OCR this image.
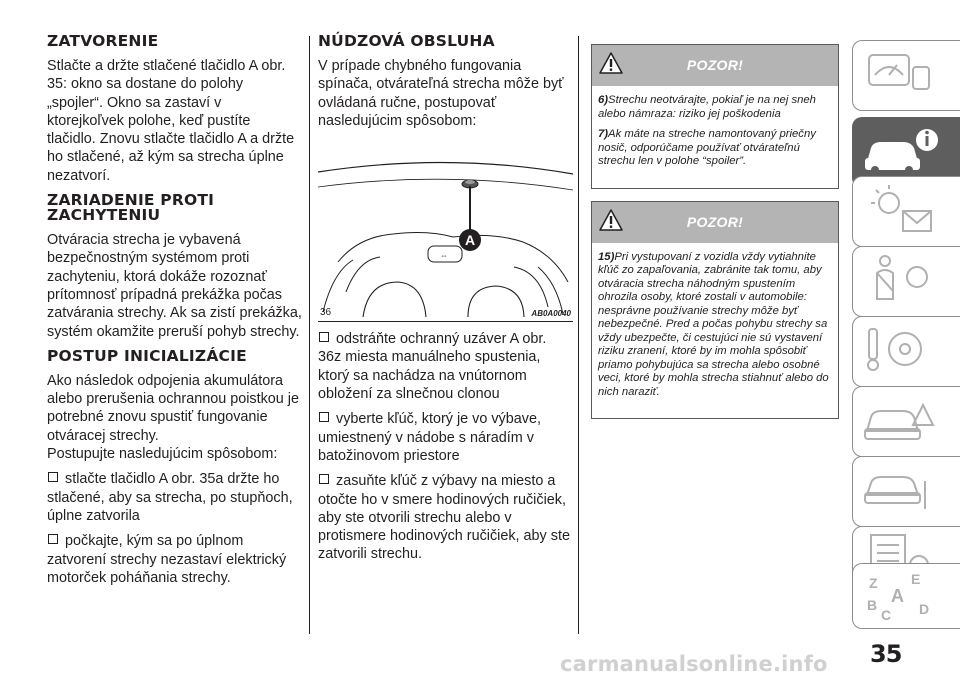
ZATVORENIE

Stlačte a držte stlačené tlačidlo A obr. 35: okno sa dostane do polohy „spojler“. Okno sa zastaví v ktorejkoľvek polohe, keď pustíte tlačidlo. Znovu stlačte tlačidlo A a držte ho stlačené, až kým sa strecha úplne nezatvorí.

ZARIADENIE PROTI
ZACHYTENIU

Otváracia strecha je vybavená bezpečnostným systémom proti zachyteniu, ktorá dokáže rozoznať prítomnosť prípadná prekážka počas zatvárania strechy. Ak sa zistí prekážka, systém okamžite preruší pohyb strechy.

POSTUP INICIALIZÁCIE

Ako následok odpojenia akumulátora alebo prerušenia ochrannou poistkou je potrebné znovu spustiť fungovanie otváracej strechy.

Postupujte nasledujúcim spôsobom:

stlačte tlačidlo A obr. 35a držte ho stlačené, aby sa strecha, po stupňoch, úplne zatvorila
počkajte, kým sa po úplnom zatvorení strechy nezastaví elektrický motorček poháňania strechy.
NÚDZOVÁ OBSLUHA

V prípade chybného fungovania spínača, otvárateľná strecha môže byť ovládaná ručne, postupovať nasledujúcim spôsobom:

⇔
A
36	AB0A0040
odstráňte ochranný uzáver A obr. 36z miesta manuálneho spustenia, ktorý sa nachádza na vnútornom obložení za slnečnou clonou
vyberte kľúč, ktorý je vo výbave, umiestnený v nádobe s náradím v batožinovom priestore
zasuňte kľúč z výbavy na miesto a otočte ho v smere hodinových ručičiek, aby ste otvorili strechu alebo v protismere hodinových ručičiek, aby ste zatvorili strechu.
POZOR!
6)Strechu neotvárajte, pokiaľ je na nej sneh alebo námraza: riziko jej poškodenia
7)Ak máte na streche namontovaný priečny nosič, odporúčame používať otvárateľnú strechu len v polohe “spoiler”.
POZOR!
15)Pri vystupovaní z vozidla vždy vytiahnite kľúč zo zapaľovania, zabránite tak tomu, aby otváracia strecha náhodným spustením ohrozila osoby, ktoré zostali v automobile: nesprávne používanie strechy môže byť nebezpečné. Pred a počas pohybu strechy sa vždy ubezpečte, či cestujúci nie sú vystavení riziku zranení, ktoré by im mohla spôsobiť priamo pohybujúca sa strecha alebo osobné veci, ktoré by mohla strecha stiahnuť alebo do nich naraziť.
Z E
A
B
C D
35
carmanualsonline.info
